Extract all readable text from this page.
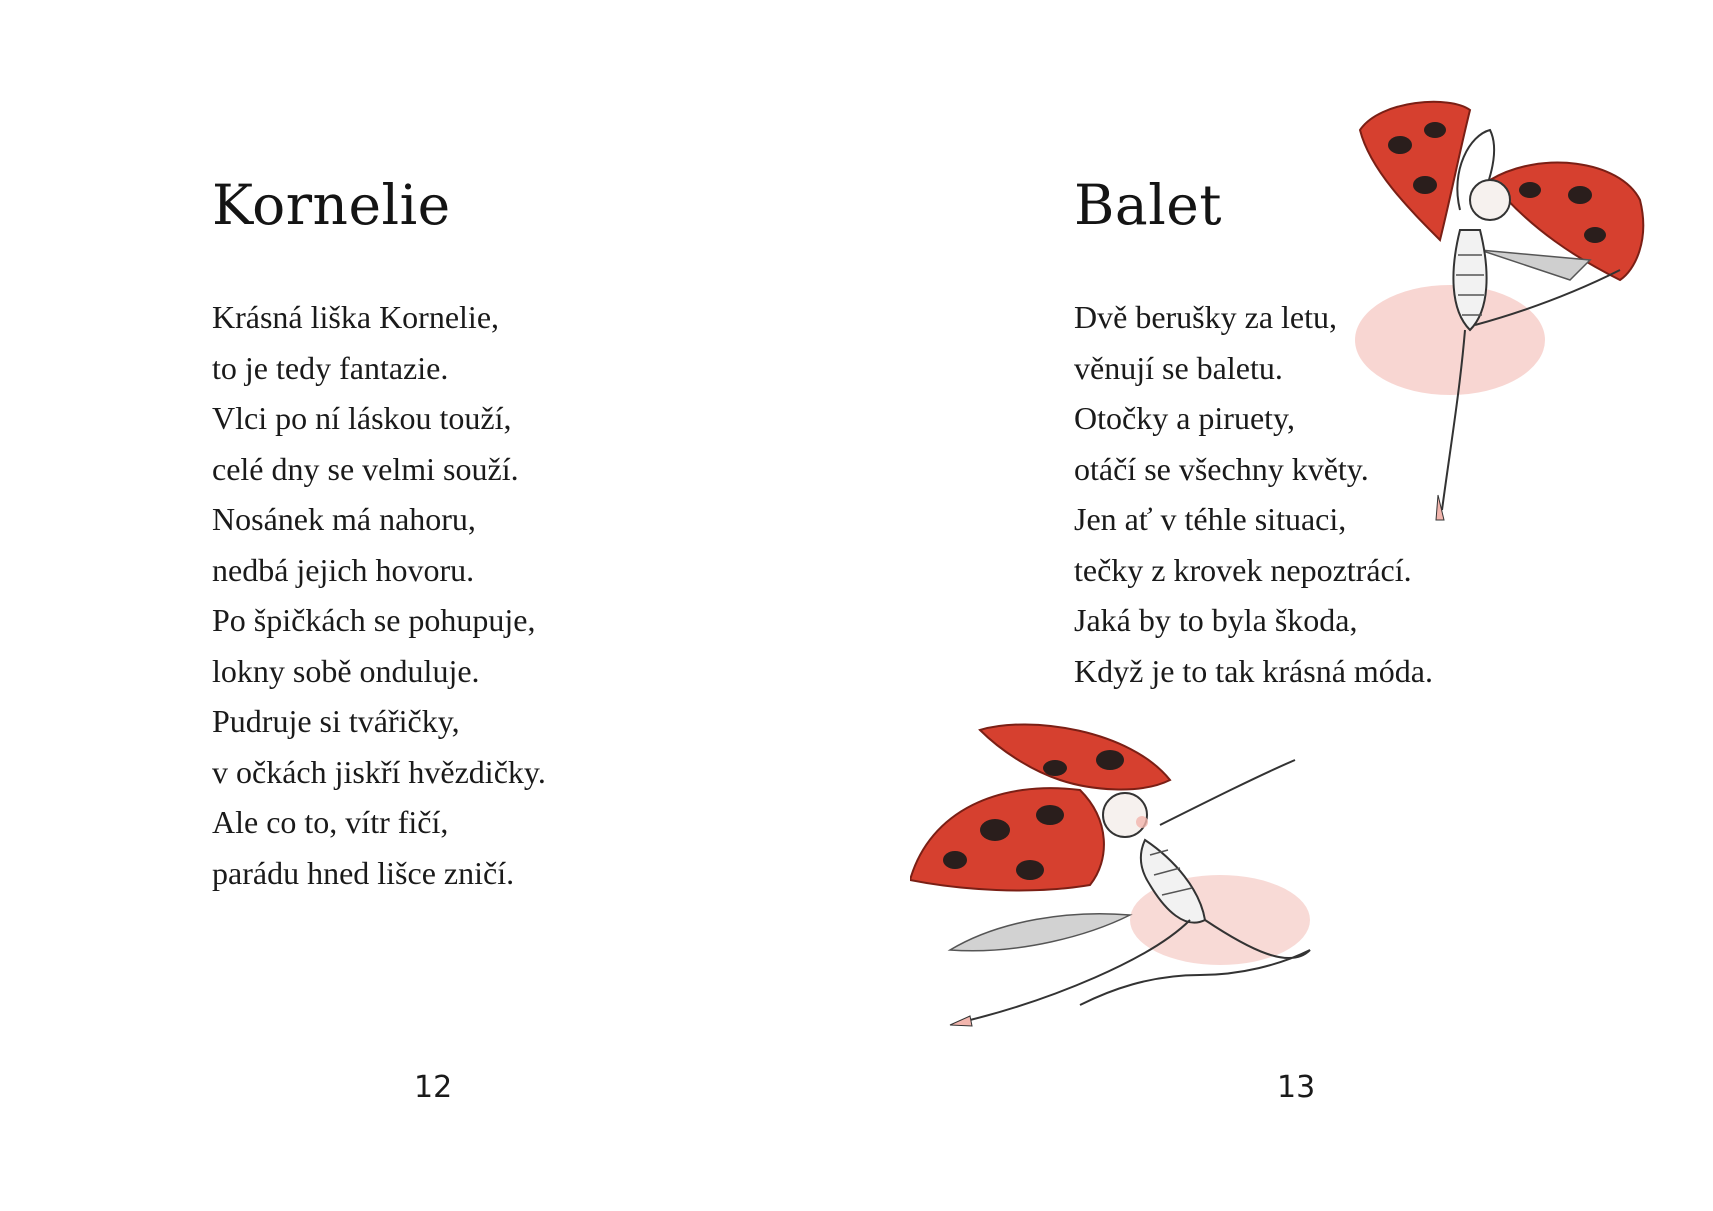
Kornelie
Krásná liška Kornelie,
to je tedy fantazie.
Vlci po ní láskou touží,
celé dny se velmi souží.
Nosánek má nahoru,
nedbá jejich hovoru.
Po špičkách se pohupuje,
lokny sobě onduluje.
Pudruje si tvářičky,
v očkách jiskří hvězdičky.
Ale co to, vítr fičí,
parádu hned lišce zničí.
12
Balet
Dvě berušky za letu,
věnují se baletu.
Otočky a piruety,
otáčí se všechny květy.
Jen ať v téhle situaci,
tečky z krovek nepoztrácí.
Jaká by to byla škoda,
Když je to tak krásná móda.
13
